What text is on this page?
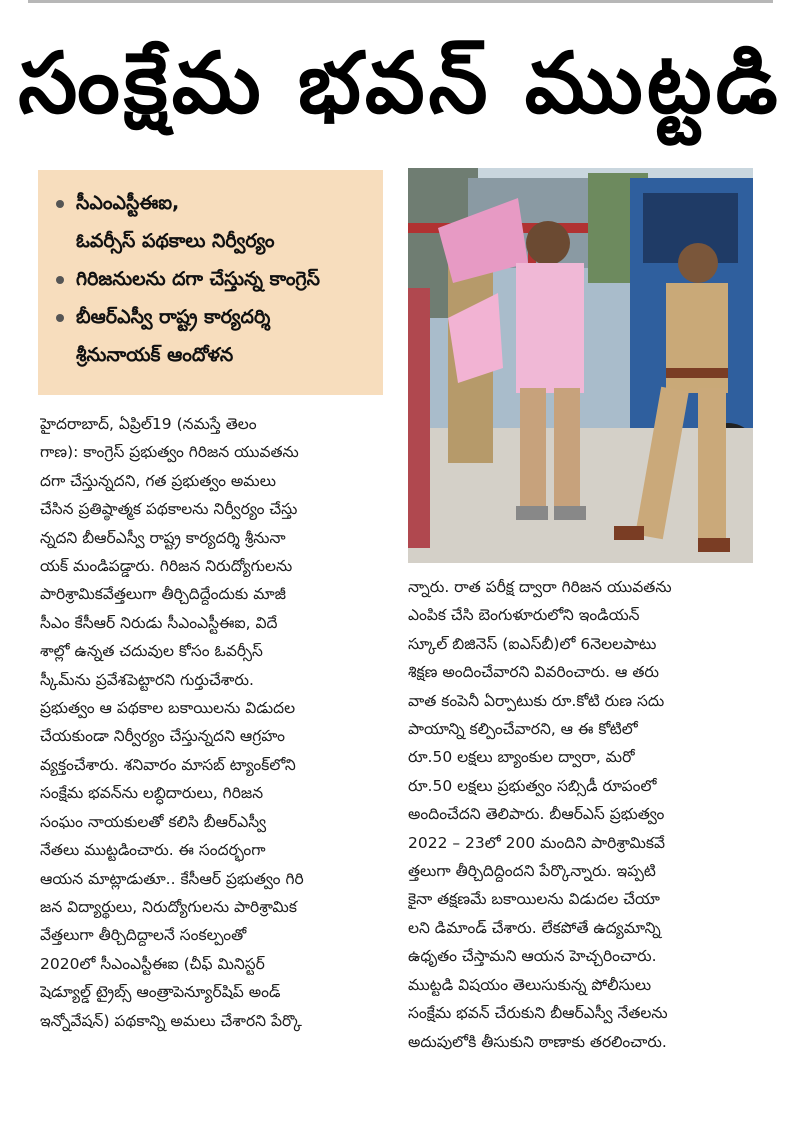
సంక్షేమ భవన్ ముట్టడి
సీఎంఎస్టీఈఐ,
ఓవర్సీస్ పథకాలు నిర్వీర్యం
గిరిజనులను దగా చేస్తున్న కాంగ్రెస్
బీఆర్ఎస్వీ రాష్ట్ర కార్యదర్శి
శ్రీనునాయక్ ఆందోళన
హైదరాబాద్, ఏప్రిల్19 (నమస్తే తెలం
గాణ): కాంగ్రెస్ ప్రభుత్వం గిరిజన యువతను
దగా చేస్తున్నదని, గత ప్రభుత్వం అమలు
చేసిన ప్రతిష్ఠాత్మక పథకాలను నిర్వీర్యం చేస్తు
న్నదని బీఆర్ఎస్వీ రాష్ట్ర కార్యదర్శి శ్రీనునా
యక్ మండిపడ్డారు. గిరిజన నిరుద్యోగులను
పారిశ్రామికవేత్తలుగా తీర్చిదిద్దేందుకు మాజీ
సీఎం కేసీఆర్ నిరుడు సీఎంఎస్టీఈఐ, విదే
శాల్లో ఉన్నత చదువుల కోసం ఓవర్సీస్
స్కీమ్‌ను ప్రవేశపెట్టారని గుర్తుచేశారు.
ప్రభుత్వం ఆ పథకాల బకాయిలను విడుదల
చేయకుండా నిర్వీర్యం చేస్తున్నదని ఆగ్రహం
వ్యక్తంచేశారు. శనివారం మాసబ్ ట్యాంక్‌లోని
సంక్షేమ భవన్‌ను లబ్ధిదారులు, గిరిజన
సంఘం నాయకులతో కలిసి బీఆర్ఎస్వీ
నేతలు ముట్టడించారు. ఈ సందర్భంగా
ఆయన మాట్లాడుతూ.. కేసీఆర్ ప్రభుత్వం గిరి
జన విద్యార్థులు, నిరుద్యోగులను పారిశ్రామిక
వేత్తలుగా తీర్చిదిద్దాలనే సంకల్పంతో
2020లో సీఎంఎస్టీఈఐ (చీఫ్ మినిస్టర్
షెడ్యూల్డ్ ట్రైబ్స్ ఆంత్రాపెన్యూర్‌షిప్ అండ్
ఇన్నోవేషన్) పథకాన్ని అమలు చేశారని పేర్కొ
న్నారు. రాత పరీక్ష ద్వారా గిరిజన యువతను
ఎంపిక చేసి బెంగుళూరులోని ఇండియన్
స్కూల్ బిజినెస్ (ఐఎస్‌బీ)లో 6నెలలపాటు
శిక్షణ అందించేవారని వివరించారు. ఆ తరు
వాత కంపెనీ ఏర్పాటుకు రూ.కోటి రుణ సదు
పాయాన్ని కల్పించేవారని, ఆ ఈ కోటిలో
రూ.50 లక్షలు బ్యాంకుల ద్వారా, మరో
రూ.50 లక్షలు ప్రభుత్వం సబ్సిడీ రూపంలో
అందించేదని తెలిపారు. బీఆర్ఎస్ ప్రభుత్వం
2022 – 23లో 200 మందిని పారిశ్రామికవే
త్తలుగా తీర్చిదిద్దిందని పేర్కొన్నారు. ఇప్పటి
కైనా తక్షణమే బకాయిలను విడుదల చేయా
లని డిమాండ్ చేశారు. లేకపోతే ఉద్యమాన్ని
ఉధృతం చేస్తామని ఆయన హెచ్చరించారు.
ముట్టడి విషయం తెలుసుకున్న పోలీసులు
సంక్షేమ భవన్ చేరుకుని బీఆర్ఎస్వీ నేతలను
అదుపులోకి తీసుకుని ఠాణాకు తరలించారు.
